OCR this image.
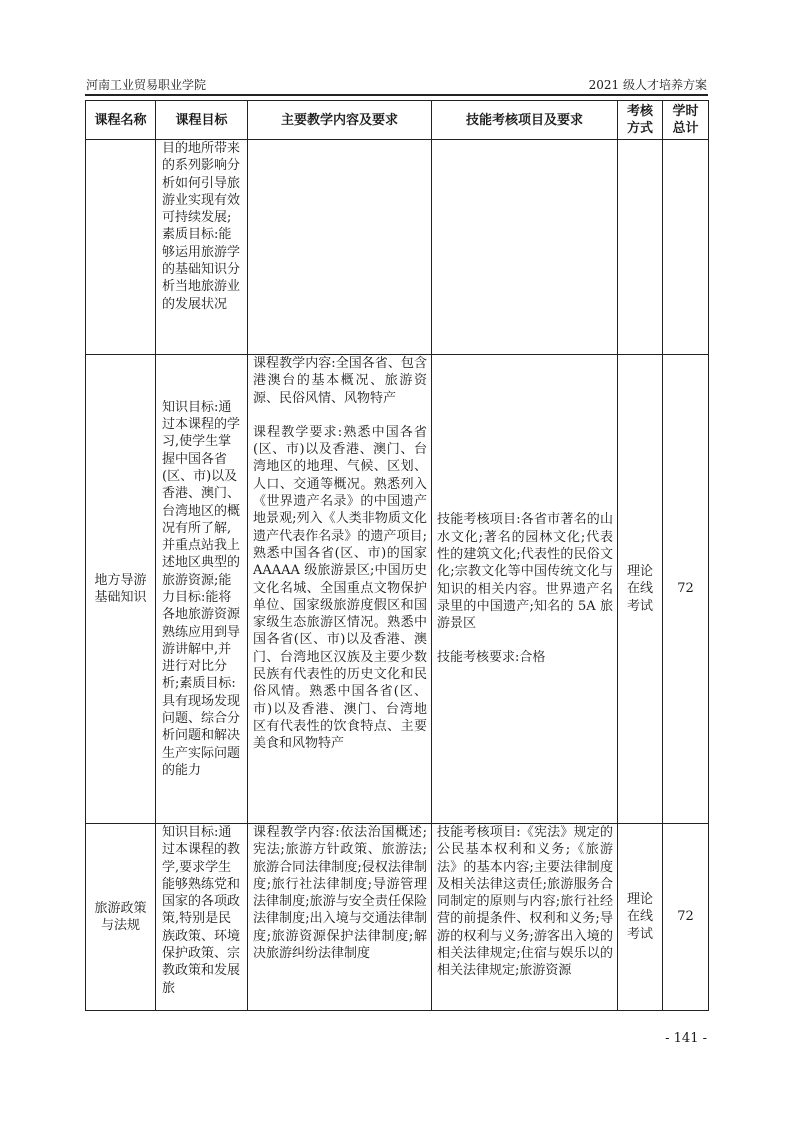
河南工业贸易职业学院	2021 级人才培养方案
课程名称	课程目标	主要教学内容及要求	技能考核项目及要求	考核方式	学时总计

	目的地所带来的系列影响分析如何引导旅游业实现有效可持续发展;素质目标:能够运用旅游学的基础知识分析当地旅游业的发展状况				

地方导游基础知识	知识目标:通过本课程的学习,使学生掌握中国各省(区、市)以及香港、澳门、台湾地区的概况有所了解,并重点站我上述地区典型的旅游资源;能力目标:能将各地旅游资源熟练应用到导游讲解中,并进行对比分析;素质目标:具有现场发现问题、综合分析问题和解决生产实际问题的能力	课程教学内容:全国各省、包含港澳台的基本概况、旅游资源、民俗风情、风物特产
课程教学要求:熟悉中国各省(区、市)以及香港、澳门、台湾地区的地理、气候、区划、人口、交通等概况。熟悉列入《世界遗产名录》的中国遗产地景观;列入《人类非物质文化遗产代表作名录》的遗产项目;熟悉中国各省(区、市)的国家 AAAAA 级旅游景区;中国历史文化名城、全国重点文物保护单位、国家级旅游度假区和国家级生态旅游区情况。熟悉中国各省(区、市)以及香港、澳门、台湾地区汉族及主要少数民族有代表性的历史文化和民俗风情。熟悉中国各省(区、市)以及香港、澳门、台湾地区有代表性的饮食特点、主要美食和风物特产	技能考核项目:各省市著名的山水文化;著名的园林文化;代表性的建筑文化;代表性的民俗文化;宗教文化等中国传统文化与知识的相关内容。世界遗产名录里的中国遗产;知名的 5A 旅游景区
技能考核要求:合格	理论在线考试	72

旅游政策与法规	知识目标:通过本课程的教学,要求学生能够熟练党和国家的各项政策,特别是民族政策、环境保护政策、宗教政策和发展旅	课程教学内容:依法治国概述;宪法;旅游方针政策、旅游法;旅游合同法律制度;侵权法律制度;旅行社法律制度;导游管理法律制度;旅游与安全责任保险法律制度;出入境与交通法律制度;旅游资源保护法律制度;解决旅游纠纷法律制度	技能考核项目:《宪法》规定的公民基本权利和义务;《旅游法》的基本内容;主要法律制度及相关法律这责任;旅游服务合同制定的原则与内容;旅行社经营的前提条件、权利和义务;导游的权利与义务;游客出入境的相关法律规定;住宿与娱乐以的相关法律规定;旅游资源	理论在线考试	72
- 141 -
